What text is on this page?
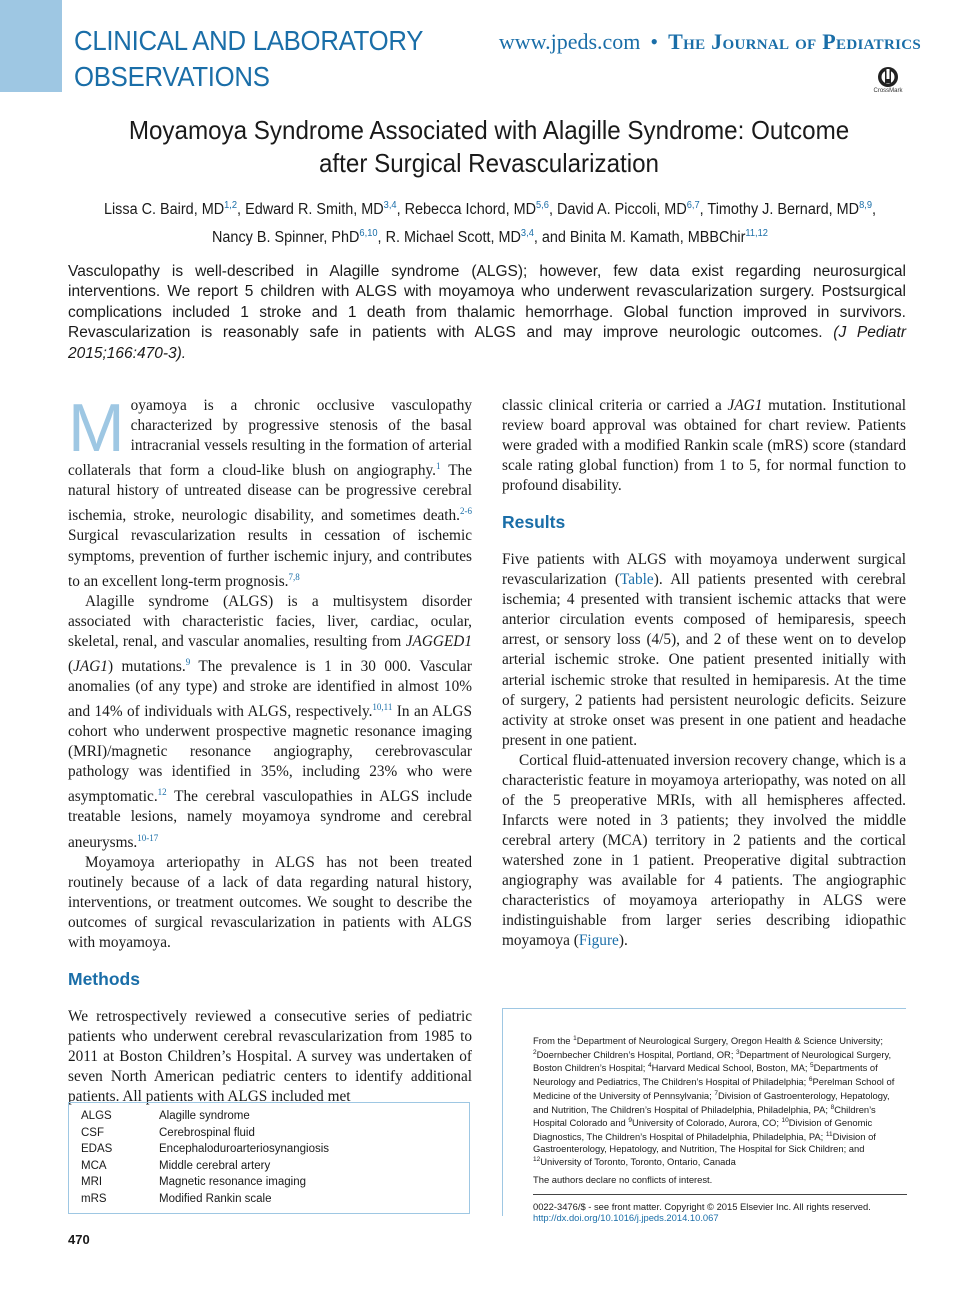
CLINICAL AND LABORATORY
OBSERVATIONS
www.jpeds.com • The Journal of Pediatrics
CrossMark
Moyamoya Syndrome Associated with Alagille Syndrome: Outcome
after Surgical Revascularization
Lissa C. Baird, MD$^{1,2}$, Edward R. Smith, MD$^{3,4}$, Rebecca Ichord, MD$^{5,6}$, David A. Piccoli, MD$^{6,7}$, Timothy J. Bernard, MD$^{8,9}$,
Nancy B. Spinner, PhD$^{6,10}$, R. Michael Scott, MD$^{3,4}$, and Binita M. Kamath, MBBChir$^{11,12}$
Vasculopathy is well-described in Alagille syndrome (ALGS); however, few data exist regarding neurosurgical interventions. We report 5 children with ALGS with moyamoya who underwent revascularization surgery. Postsurgical complications included 1 stroke and 1 death from thalamic hemorrhage. Global function improved in survivors. Revascularization is reasonably safe in patients with ALGS and may improve neurologic outcomes. (J Pediatr 2015;166:470-3).

Moyamoya is a chronic occlusive vasculopathy characterized by progressive stenosis of the basal intracranial vessels resulting in the formation of arterial collaterals that form a cloud-like blush on angiography.$^1$ The natural history of untreated disease can be progressive cerebral ischemia, stroke, neurologic disability, and sometimes death.$^{2-6}$ Surgical revascularization results in cessation of ischemic symptoms, prevention of further ischemic injury, and contributes to an excellent long-term prognosis.$^{7,8}$

Alagille syndrome (ALGS) is a multisystem disorder associated with characteristic facies, liver, cardiac, ocular, skeletal, renal, and vascular anomalies, resulting from JAGGED1 (JAG1) mutations.$^9$ The prevalence is 1 in 30 000. Vascular anomalies (of any type) and stroke are identified in almost 10% and 14% of individuals with ALGS, respectively.$^{10,11}$ In an ALGS cohort who underwent prospective magnetic resonance imaging (MRI)/magnetic resonance angiography, cerebrovascular pathology was identified in 35%, including 23% who were asymptomatic.$^{12}$ The cerebral vasculopathies in ALGS include treatable lesions, namely moyamoya syndrome and cerebral aneurysms.$^{10-17}$

Moyamoya arteriopathy in ALGS has not been treated routinely because of a lack of data regarding natural history, interventions, or treatment outcomes. We sought to describe the outcomes of surgical revascularization in patients with ALGS with moyamoya.

Methods

We retrospectively reviewed a consecutive series of pediatric patients who underwent cerebral revascularization from 1985 to 2011 at Boston Children’s Hospital. A survey was undertaken of seven North American pediatric centers to identify additional patients. All patients with ALGS included met

classic clinical criteria or carried a JAG1 mutation. Institutional review board approval was obtained for chart review. Patients were graded with a modified Rankin scale (mRS) score (standard scale rating global function) from 1 to 5, for normal function to profound disability.

Results

Five patients with ALGS with moyamoya underwent surgical revascularization (Table). All patients presented with cerebral ischemia; 4 presented with transient ischemic attacks that were anterior circulation events composed of hemiparesis, speech arrest, or sensory loss (4/5), and 2 of these went on to develop arterial ischemic stroke. One patient presented initially with arterial ischemic stroke that resulted in hemiparesis. At the time of surgery, 2 patients had persistent neurologic deficits. Seizure activity at stroke onset was present in one patient and headache present in one patient.

Cortical fluid-attenuated inversion recovery change, which is a characteristic feature in moyamoya arteriopathy, was noted on all of the 5 preoperative MRIs, with all hemispheres affected. Infarcts were noted in 3 patients; they involved the middle cerebral artery (MCA) territory in 2 patients and the cortical watershed zone in 1 patient. Preoperative digital subtraction angiography was available for 4 patients. The angiographic characteristics of moyamoya arteriopathy in ALGS were indistinguishable from larger series describing idiopathic moyamoya (Figure).

ALGS	Alagille syndrome
CSF	Cerebrospinal fluid
EDAS	Encephaloduroarteriosynangiosis
MCA	Middle cerebral artery
MRI	Magnetic resonance imaging
mRS	Modified Rankin scale
From the $^1$Department of Neurological Surgery, Oregon Health & Science University; $^2$Doernbecher Children’s Hospital, Portland, OR; $^3$Department of Neurological Surgery, Boston Children’s Hospital; $^4$Harvard Medical School, Boston, MA; $^5$Departments of Neurology and Pediatrics, The Children’s Hospital of Philadelphia; $^6$Perelman School of Medicine of the University of Pennsylvania; $^7$Division of Gastroenterology, Hepatology, and Nutrition, The Children’s Hospital of Philadelphia, Philadelphia, PA; $^8$Children’s Hospital Colorado and $^9$University of Colorado, Aurora, CO; $^{10}$Division of Genomic Diagnostics, The Children’s Hospital of Philadelphia, Philadelphia, PA; $^{11}$Division of Gastroenterology, Hepatology, and Nutrition, The Hospital for Sick Children; and $^{12}$University of Toronto, Toronto, Ontario, Canada
The authors declare no conflicts of interest.
0022-3476/$ - see front matter. Copyright © 2015 Elsevier Inc. All rights reserved.
http://dx.doi.org/10.1016/j.jpeds.2014.10.067
470
